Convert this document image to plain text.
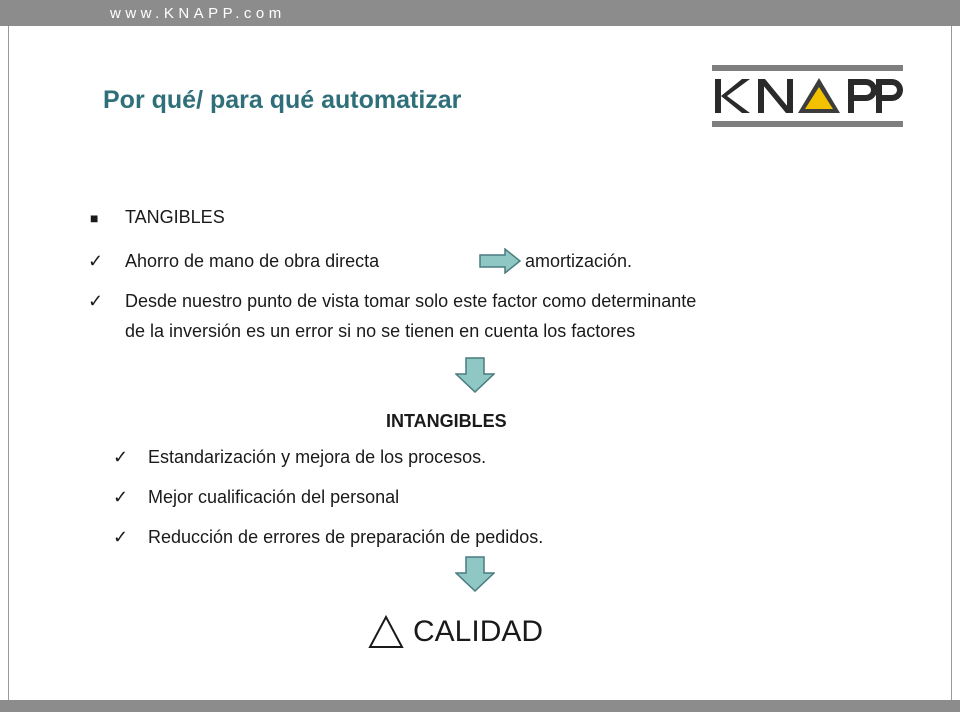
www.KNAPP.com
Por qué/ para qué automatizar
■ TANGIBLES
✓ Ahorro de mano de obra directa	amortización.
✓ Desde nuestro punto de vista tomar solo este factor como determinante
de la inversión es un error si no se tienen en cuenta los factores
INTANGIBLES
✓ Estandarización y mejora de los procesos.
✓ Mejor cualificación del personal
✓ Reducción de errores de preparación de pedidos.
CALIDAD
